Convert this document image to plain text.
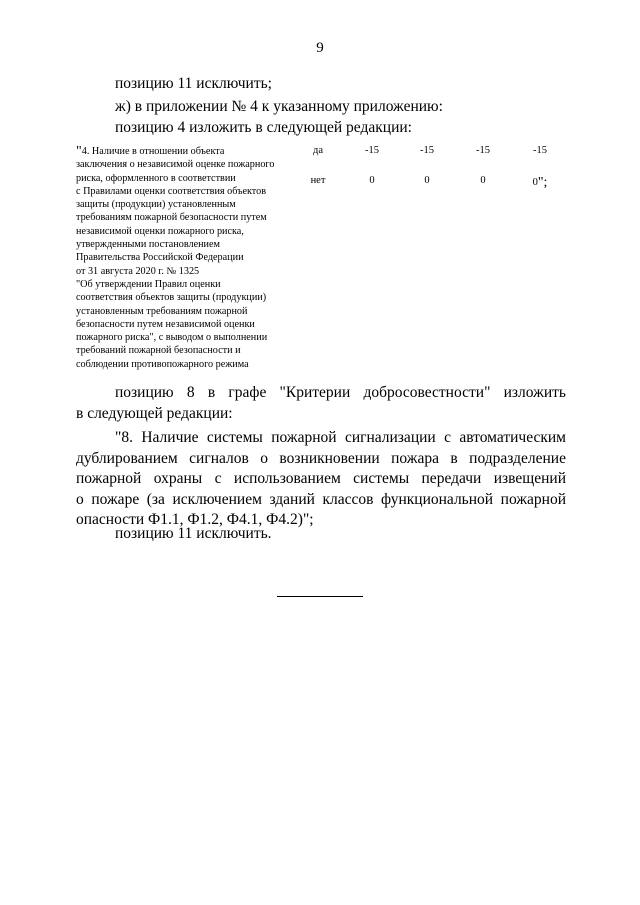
9
позицию 11 исключить;
ж) в приложении № 4 к указанному приложению:
позицию 4 изложить в следующей редакции:
"4. Наличие в отношении объекта
заключения о независимой оценке пожарного
риска, оформленного в соответствии
с Правилами оценки соответствия объектов
защиты (продукции) установленным
требованиям пожарной безопасности путем
независимой оценки пожарного риска,
утвержденными постановлением
Правительства Российской Федерации
от 31 августа 2020 г. № 1325
"Об утверждении Правил оценки
соответствия объектов защиты (продукции)
установленным требованиям пожарной
безопасности путем независимой оценки
пожарного риска", с выводом о выполнении
требований пожарной безопасности и
соблюдении противопожарного режима
да	-15	-15	-15	-15
нет	0	0	0	0";
позицию 8 в графе "Критерии добросовестности" изложить
в следующей редакции:
"8. Наличие системы пожарной сигнализации с автоматическим
дублированием сигналов о возникновении пожара в подразделение
пожарной охраны с использованием системы передачи извещений
о пожаре (за исключением зданий классов функциональной пожарной
опасности Ф1.1, Ф1.2, Ф4.1, Ф4.2)";
позицию 11 исключить.
